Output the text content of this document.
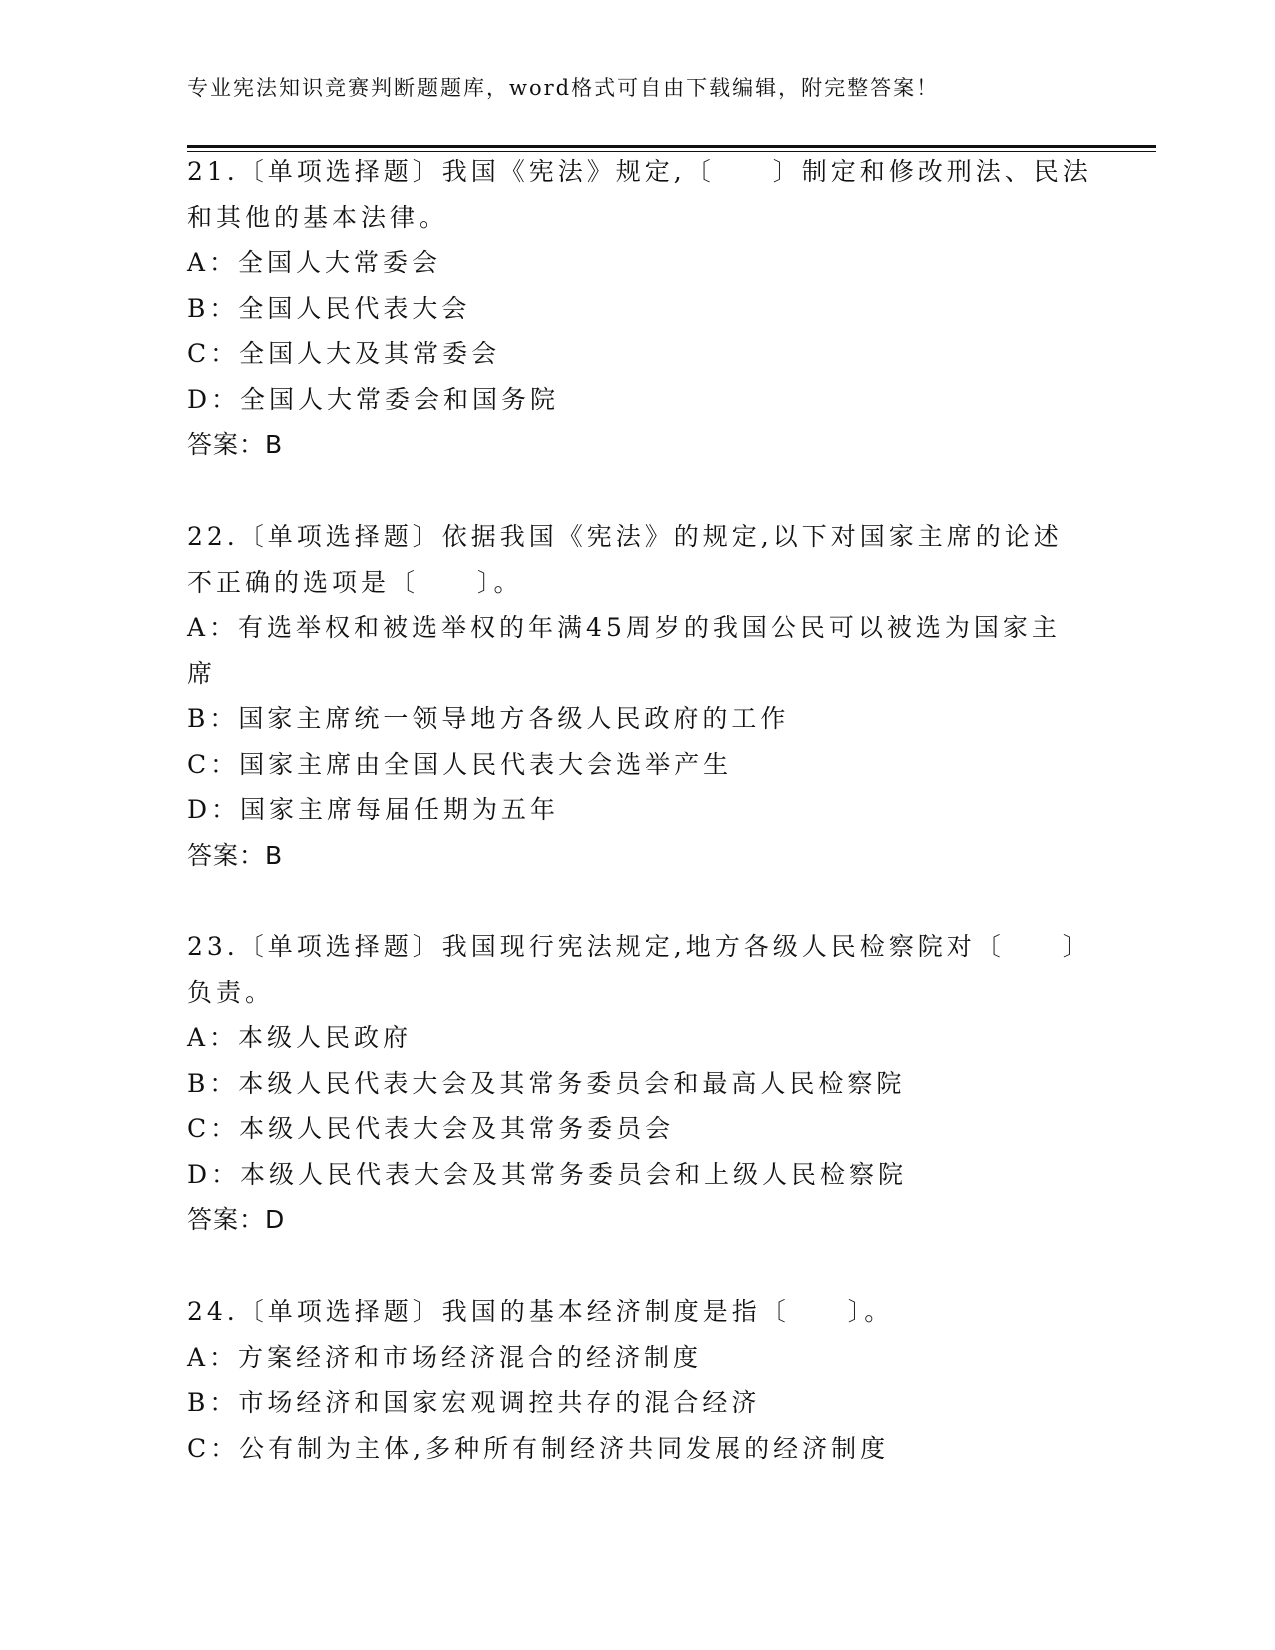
专业宪法知识竞赛判断题题库，word格式可自由下载编辑，附完整答案！
21.〔单项选择题〕我国《宪法》规定,〔　　〕制定和修改刑法、民法
和其他的基本法律。
A：全国人大常委会
B：全国人民代表大会
C：全国人大及其常委会
D：全国人大常委会和国务院
答案：B
22.〔单项选择题〕依据我国《宪法》的规定,以下对国家主席的论述
不正确的选项是〔　　〕。
A：有选举权和被选举权的年满45周岁的我国公民可以被选为国家主
席
B：国家主席统一领导地方各级人民政府的工作
C：国家主席由全国人民代表大会选举产生
D：国家主席每届任期为五年
答案：B
23.〔单项选择题〕我国现行宪法规定,地方各级人民检察院对〔　　〕
负责。
A：本级人民政府
B：本级人民代表大会及其常务委员会和最高人民检察院
C：本级人民代表大会及其常务委员会
D：本级人民代表大会及其常务委员会和上级人民检察院
答案：D
24.〔单项选择题〕我国的基本经济制度是指〔　　〕。
A：方案经济和市场经济混合的经济制度
B：市场经济和国家宏观调控共存的混合经济
C：公有制为主体,多种所有制经济共同发展的经济制度
